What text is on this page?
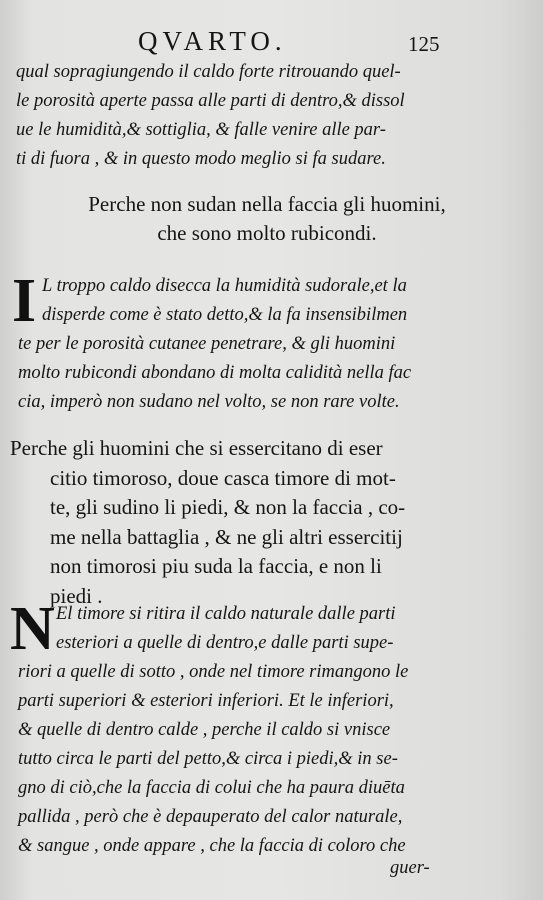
QVARTO.	125

qual sopragiungendo il caldo forte ritrouando quel-

le porosità aperte passa alle parti di dentro,& dissol

ue le humidità,& sottiglia, & falle venire alle par-

ti di fuora , & in questo modo meglio si fa sudare.

Perche non sudan nella faccia gli huomini,
che sono molto rubicondi.
I L troppo caldo disecca la humidità sudorale,et la

disperde come è stato detto,& la fa insensibilmen

te per le porosità cutanee penetrare, & gli huomini

molto rubicondi abondano di molta calidità nella fac

cia, imperò non sudano nel volto, se non rare volte.

Perche gli huomini che si essercitano di eser

citio timoroso, doue casca timore di mot-

te, gli sudino li piedi, & non la faccia , co-

me nella battaglia , & ne gli altri essercitij

non timorosi piu suda la faccia, e non li

piedi .

N El timore si ritira il caldo naturale dalle parti

esteriori a quelle di dentro,e dalle parti supe-

riori a quelle di sotto , onde nel timore rimangono le

parti superiori & esteriori inferiori. Et le inferiori,

& quelle di dentro calde , perche il caldo si vnisce

tutto circa le parti del petto,& circa i piedi,& in se-

gno di ciò,che la faccia di colui che ha paura diuēta

pallida , però che è depauperato del calor naturale,

& sangue , onde appare , che la faccia di coloro che

guer-
